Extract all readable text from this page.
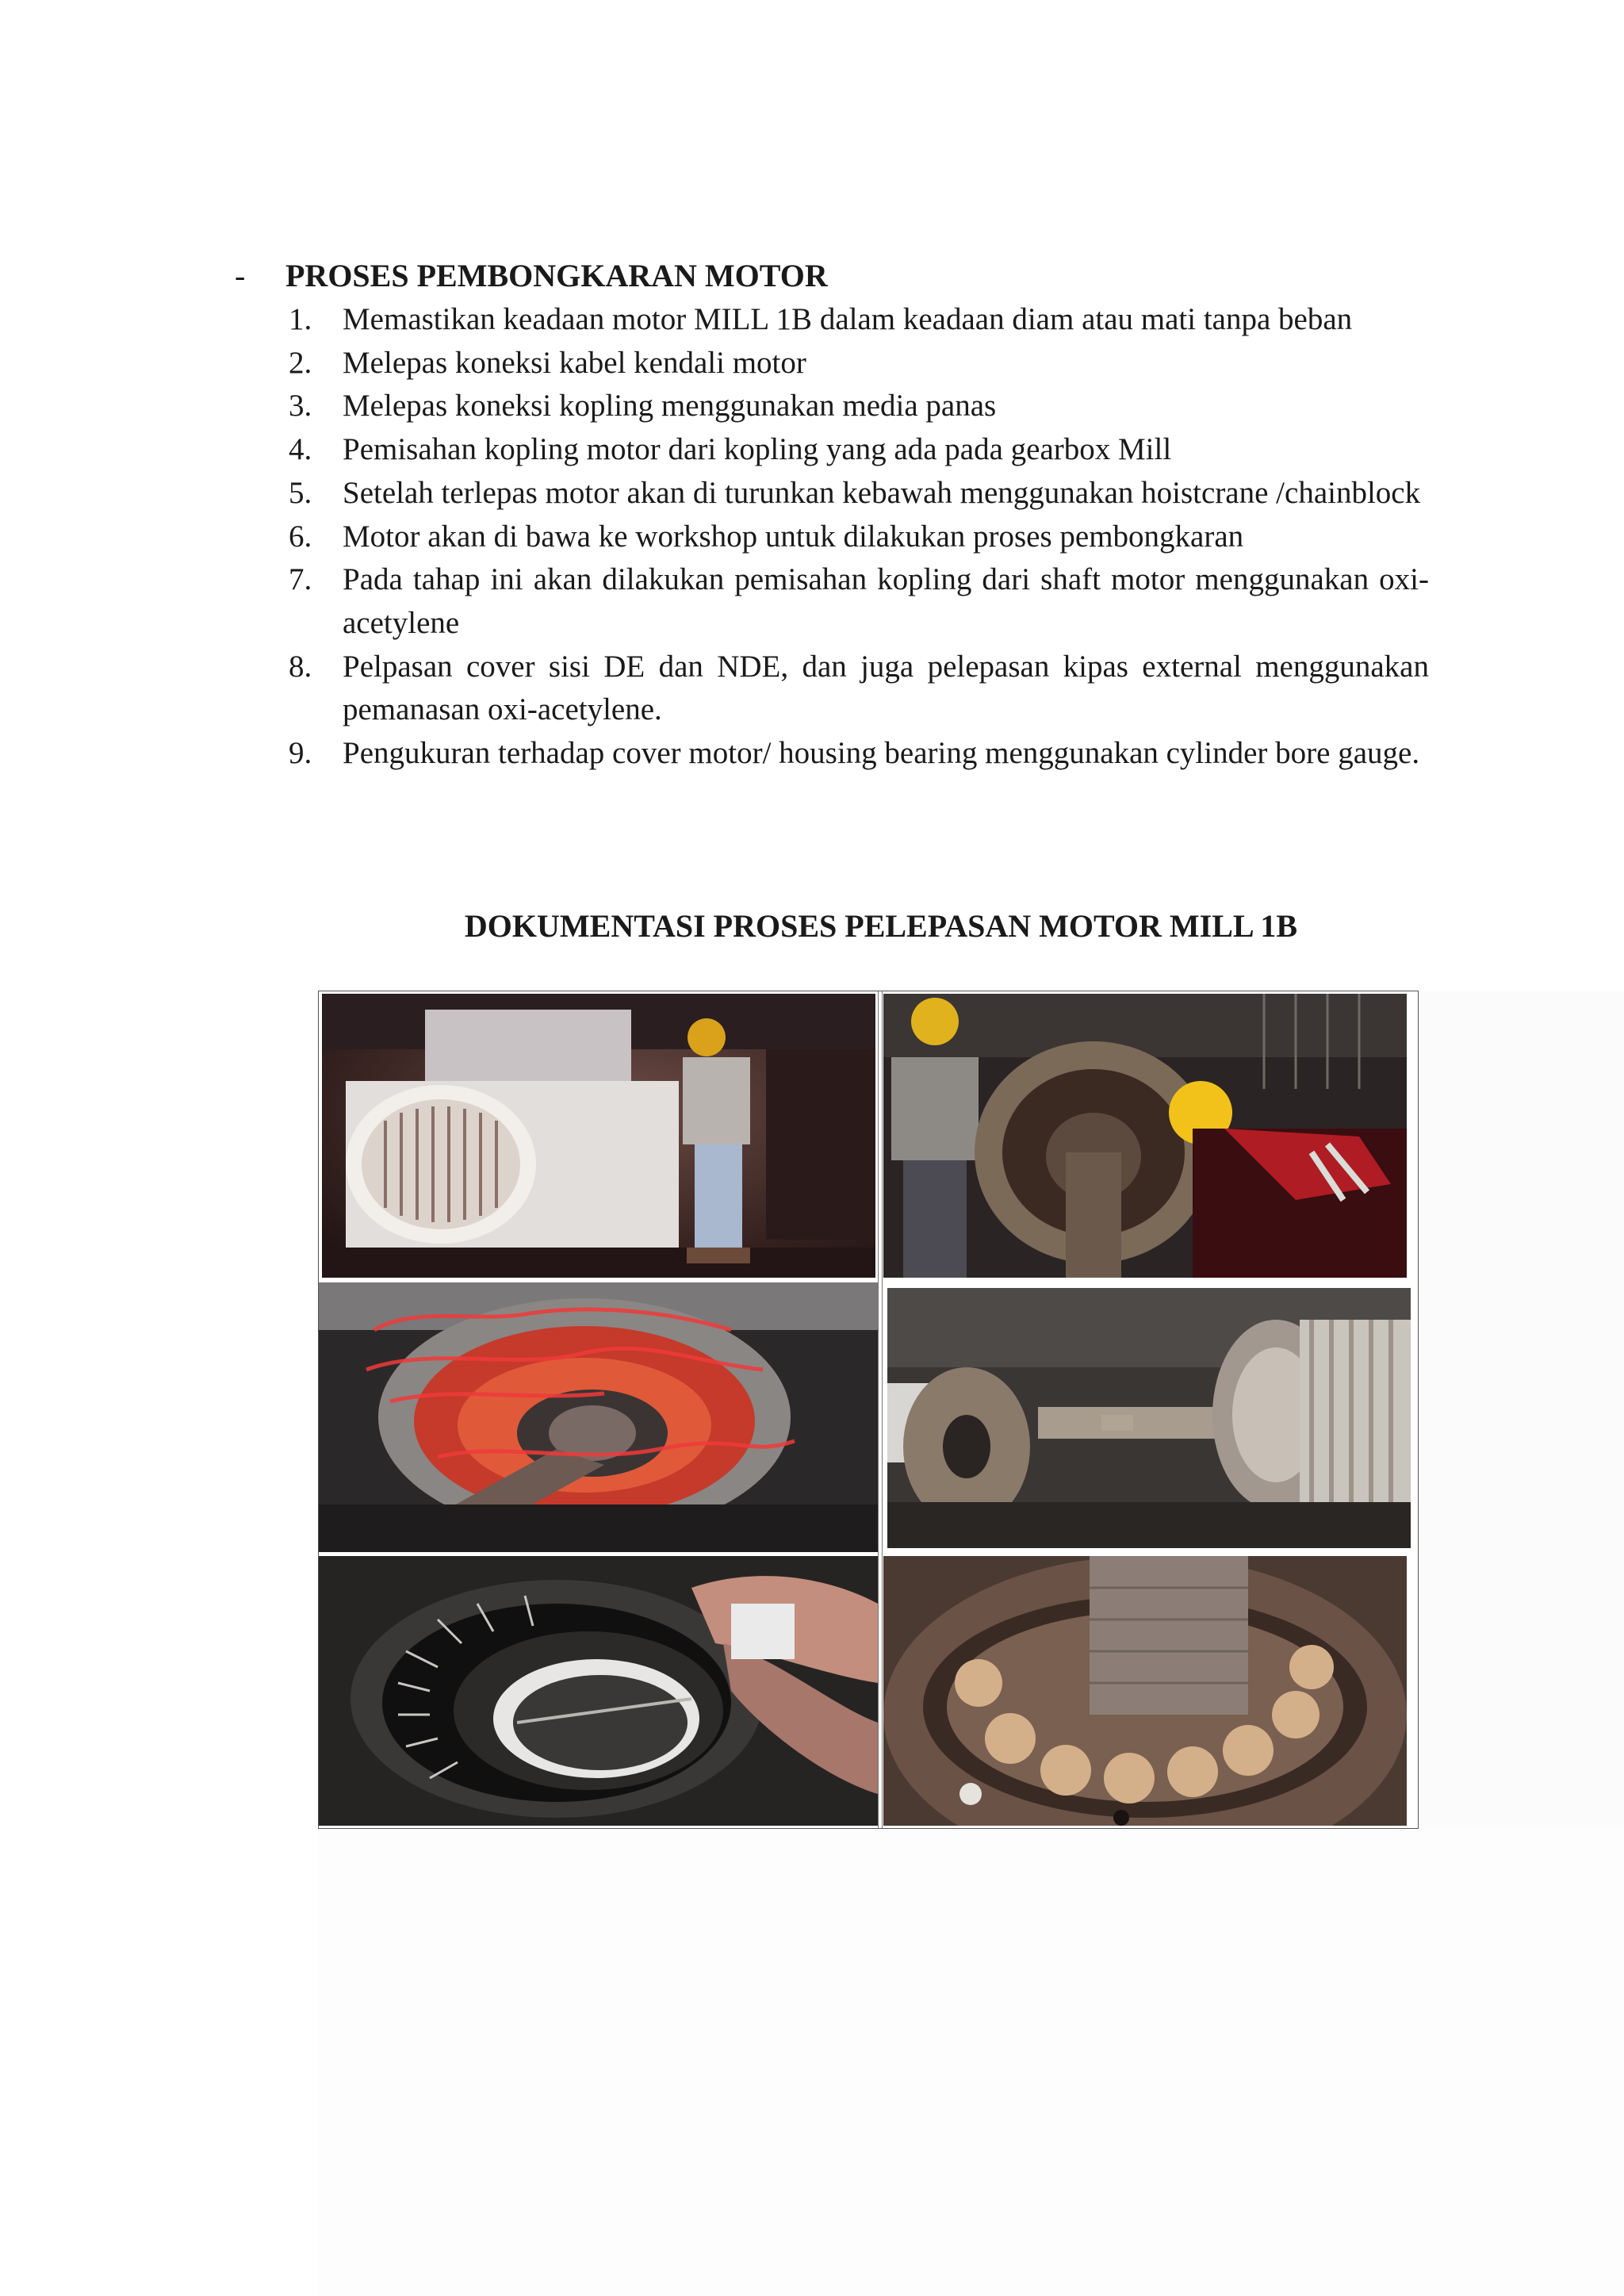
- PROSES PEMBONGKARAN MOTOR
1. Memastikan keadaan motor MILL 1B dalam keadaan diam atau mati tanpa beban
2. Melepas koneksi kabel kendali motor
3. Melepas koneksi kopling menggunakan media panas
4. Pemisahan kopling motor dari kopling yang ada pada gearbox Mill
5. Setelah terlepas motor akan di turunkan kebawah menggunakan hoistcrane /chainblock
6. Motor akan di bawa ke workshop untuk dilakukan proses pembongkaran
7. Pada tahap ini akan dilakukan pemisahan kopling dari shaft motor menggunakan oxi-acetylene
8. Pelpasan cover sisi DE dan NDE, dan juga pelepasan kipas external menggunakan pemanasan oxi-acetylene.
9. Pengukuran terhadap cover motor/ housing bearing menggunakan cylinder bore gauge.
DOKUMENTASI PROSES PELEPASAN MOTOR MILL 1B
